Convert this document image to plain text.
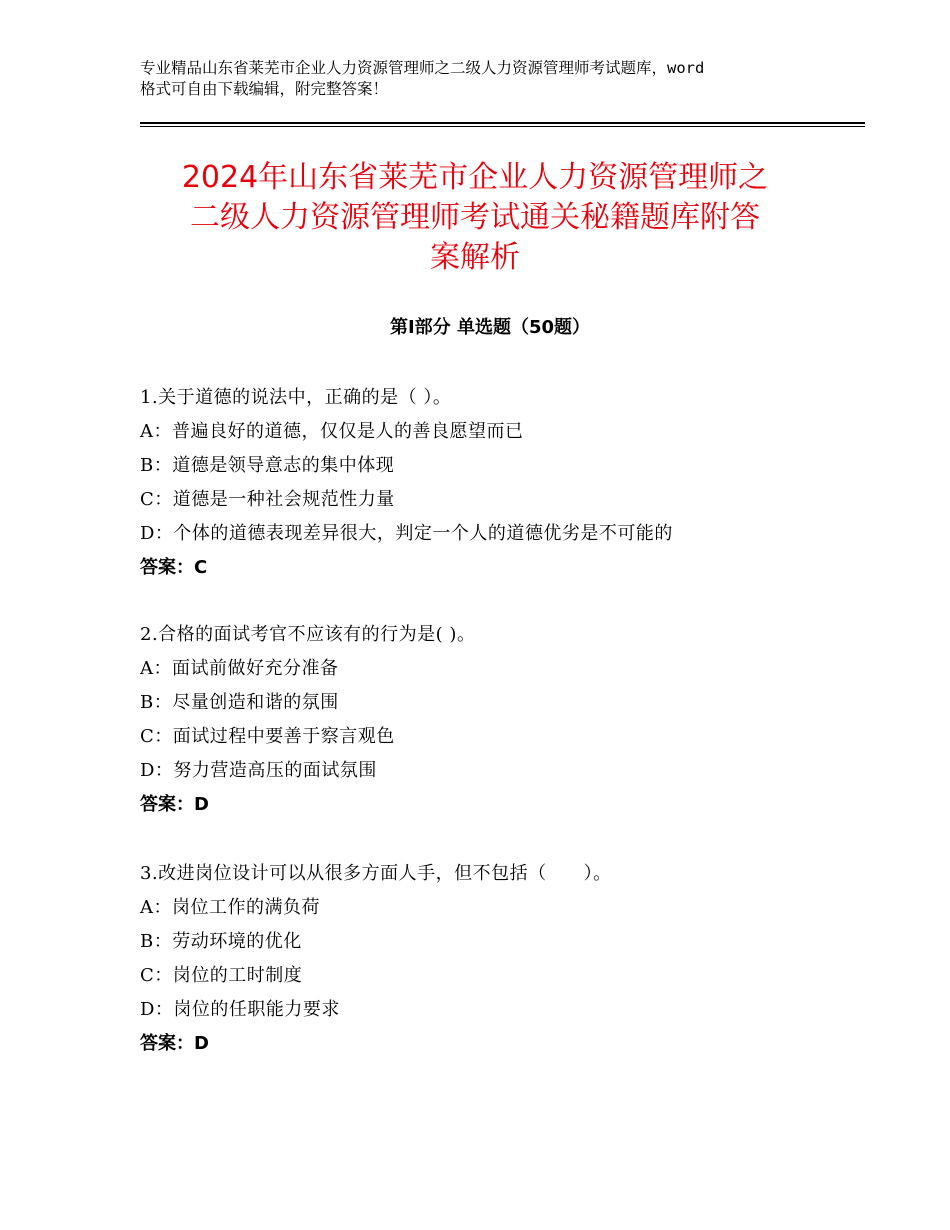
专业精品山东省莱芜市企业人力资源管理师之二级人力资源管理师考试题库，word
格式可自由下载编辑，附完整答案！
2024年山东省莱芜市企业人力资源管理师之
二级人力资源管理师考试通关秘籍题库附答
案解析
第Ⅰ部分 单选题（50题）
1.关于道德的说法中，正确的是（ ）。
A：普遍良好的道德，仅仅是人的善良愿望而已
B：道德是领导意志的集中体现
C：道德是一种社会规范性力量
D：个体的道德表现差异很大，判定一个人的道德优劣是不可能的
答案：C
2.合格的面试考官不应该有的行为是( )。
A：面试前做好充分准备
B：尽量创造和谐的氛围
C：面试过程中要善于察言观色
D：努力营造高压的面试氛围
答案：D
3.改进岗位设计可以从很多方面人手，但不包括（　　）。
A：岗位工作的满负荷
B：劳动环境的优化
C：岗位的工时制度
D：岗位的任职能力要求
答案：D
